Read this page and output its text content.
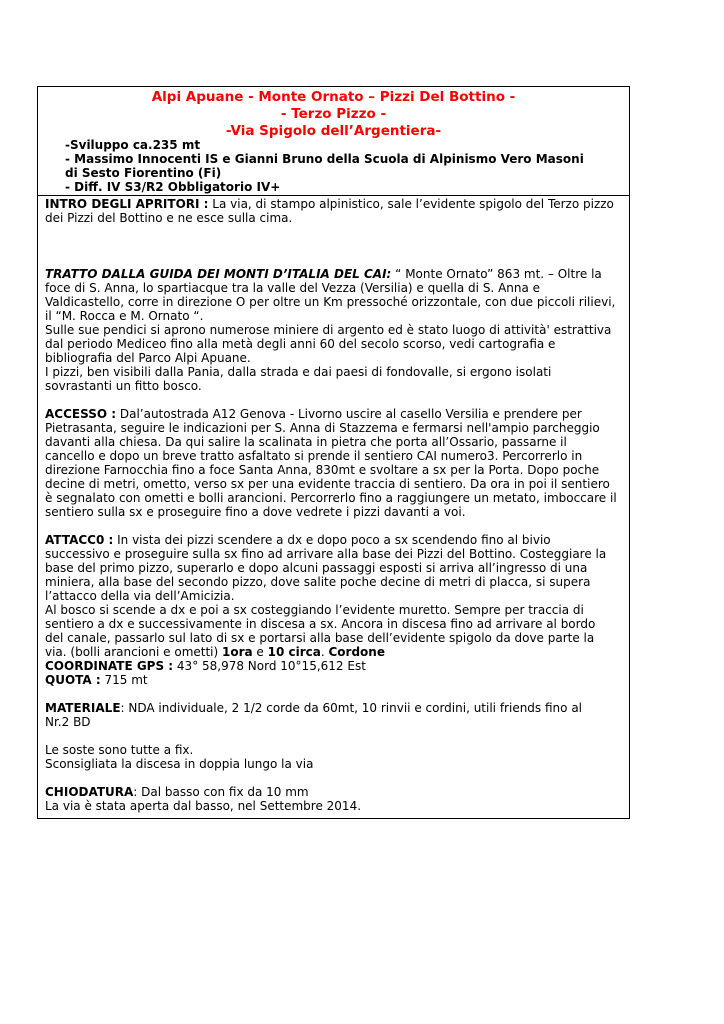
Alpi Apuane - Monte Ornato – Pizzi Del Bottino -
- Terzo Pizzo -
-Via Spigolo dell’Argentiera-
-Sviluppo ca.235 mt
- Massimo Innocenti IS e Gianni Bruno della Scuola di Alpinismo Vero Masoni
di Sesto Fiorentino (Fi)
- Diff. IV S3/R2 Obbligatorio IV+
INTRO DEGLI APRITORI : La via, di stampo alpinistico, sale l’evidente spigolo del Terzo pizzo
dei Pizzi del Bottino e ne esce sulla cima.
TRATTO DALLA GUIDA DEI MONTI D’ITALIA DEL CAI: “ Monte Ornato” 863 mt. – Oltre la
foce di S. Anna, lo spartiacque tra la valle del Vezza (Versilia) e quella di S. Anna e
Valdicastello, corre in direzione O per oltre un Km pressoché orizzontale, con due piccoli rilievi,
il “M. Rocca e M. Ornato “.
Sulle sue pendici si aprono numerose miniere di argento ed è stato luogo di attività' estrattiva
dal periodo Mediceo fino alla metà degli anni 60 del secolo scorso, vedi cartografia e
bibliografia del Parco Alpi Apuane.
I pizzi, ben visibili dalla Pania, dalla strada e dai paesi di fondovalle, si ergono isolati
sovrastanti un fitto bosco.
ACCESSO : Dal’autostrada A12 Genova - Livorno uscire al casello Versilia e prendere per
Pietrasanta, seguire le indicazioni per S. Anna di Stazzema e fermarsi nell'ampio parcheggio
davanti alla chiesa. Da qui salire la scalinata in pietra che porta all’Ossario, passarne il
cancello e dopo un breve tratto asfaltato si prende il sentiero CAI numero3. Percorrerlo in
direzione Farnocchia fino a foce Santa Anna, 830mt e svoltare a sx per la Porta. Dopo poche
decine di metri, ometto, verso sx per una evidente traccia di sentiero. Da ora in poi il sentiero
è segnalato con ometti e bolli arancioni. Percorrerlo fino a raggiungere un metato, imboccare il
sentiero sulla sx e proseguire fino a dove vedrete i pizzi davanti a voi.
ATTACC0 : In vista dei pizzi scendere a dx e dopo poco a sx scendendo fino al bivio
successivo e proseguire sulla sx fino ad arrivare alla base dei Pizzi del Bottino. Costeggiare la
base del primo pizzo, superarlo e dopo alcuni passaggi esposti si arriva all’ingresso di una
miniera, alla base del secondo pizzo, dove salite poche decine di metri di placca, si supera
l’attacco della via dell’Amicizia.
Al bosco si scende a dx e poi a sx costeggiando l’evidente muretto. Sempre per traccia di
sentiero a dx e successivamente in discesa a sx. Ancora in discesa fino ad arrivare al bordo
del canale, passarlo sul lato di sx e portarsi alla base dell’evidente spigolo da dove parte la
via. (bolli arancioni e ometti) 1ora e 10 circa. Cordone
COORDINATE GPS : 43° 58,978 Nord 10°15,612 Est
QUOTA : 715 mt
MATERIALE: NDA individuale, 2 1/2 corde da 60mt, 10 rinvii e cordini, utili friends fino al
Nr.2 BD
Le soste sono tutte a fix.
Sconsigliata la discesa in doppia lungo la via
CHIODATURA: Dal basso con fix da 10 mm
La via è stata aperta dal basso, nel Settembre 2014.
